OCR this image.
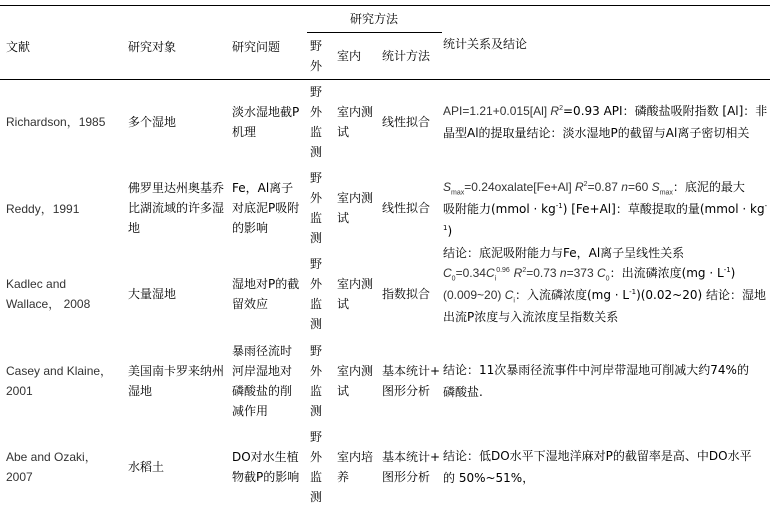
文献	研究对象	研究问题
研究方法
野外
室内 统计方法
统计关系及结论
Richardson，1985 多个湿地
淡水湿地截P
机理
野
外
监
测
室内测
试
线性拟合
API=1.21+0.015[Al] $R^2=0.93$ API：磷酸盐吸附指数 [Al]：非
晶型Al的提取量结论：淡水湿地P的截留与Al离子密切相关
Reddy，1991
佛罗里达州奥基乔
比湖流域的许多湿
地
Fe，Al离子
对底泥P吸附
的影响
野
外
监
测
室内测
试
线性拟合
$S_{max}=0.24oxalate[Fe+Al]$ $R^2=0.87$ n=60 $S_{max}$：底泥的最大
吸附能力(mmol · $kg^{-1}$) [Fe+Al]：草酸提取的量(mmol · $kg^{-1}$)
结论：底泥吸附能力与Fe，Al离子呈线性关系
Kadlec and
Wallace， 2008
大量湿地
湿地对P的截
留效应
野
外
监
测
室内测
试
指数拟合
$C_0=0.34C_i^{0.96}$ $R^2=0.73$ n=373 $C_0$：出流磷浓度$(mg \cdot L^{-1})$
(0.009~20) $C_i$：入流磷浓度$(mg \cdot L^{-1})(0.02\sim 20)$ 结论：湿地
出流P浓度与入流浓度呈指数关系
Casey and Klaine，
2001
美国南卡罗来纳州
湿地
暴雨径流时
河岸湿地对
磷酸盐的削
减作用
野
外
监
测
室内测
试
基本统计+
图形分析
结论：11次暴雨径流事件中河岸带湿地可削减大约74%的
磷酸盐.
Abe and Ozaki，
2007
水稻土
DO对水生植
物截P的影响
野
外
监
测
室内培
养
基本统计+
图形分析
结论：低DO水平下湿地洋麻对P的截留率是高、中DO水平
的 50%~51%，
